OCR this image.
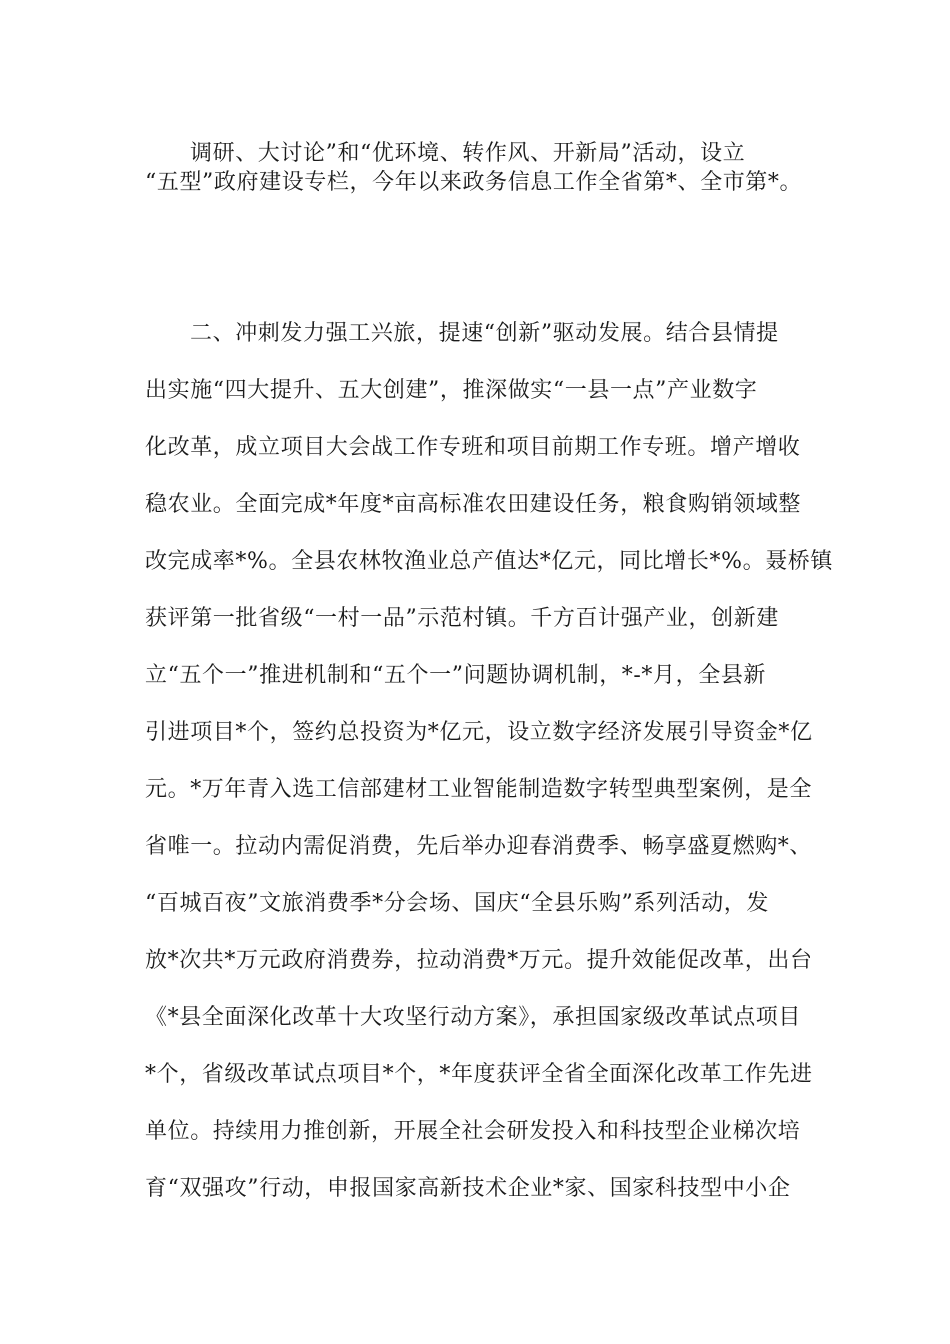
调研、大讨论”和“优环境、转作风、开新局”活动，设立
“五型”政府建设专栏，今年以来政务信息工作全省第*、全市第*。
二、冲刺发力强工兴旅，提速“创新”驱动发展。结合县情提
出实施“四大提升、五大创建”，推深做实“一县一点”产业数字
化改革，成立项目大会战工作专班和项目前期工作专班。增产增收
稳农业。全面完成*年度*亩高标准农田建设任务，粮食购销领域整
改完成率*%。全县农林牧渔业总产值达*亿元，同比增长*%。聂桥镇
获评第一批省级“一村一品”示范村镇。千方百计强产业，创新建
立“五个一”推进机制和“五个一”问题协调机制，*-*月，全县新
引进项目*个，签约总投资为*亿元，设立数字经济发展引导资金*亿
元。*万年青入选工信部建材工业智能制造数字转型典型案例，是全
省唯一。拉动内需促消费，先后举办迎春消费季、畅享盛夏燃购*、
“百城百夜”文旅消费季*分会场、国庆“全县乐购”系列活动，发
放*次共*万元政府消费券，拉动消费*万元。提升效能促改革，出台
《*县全面深化改革十大攻坚行动方案》，承担国家级改革试点项目
*个，省级改革试点项目*个，*年度获评全省全面深化改革工作先进
单位。持续用力推创新，开展全社会研发投入和科技型企业梯次培
育“双强攻”行动，申报国家高新技术企业*家、国家科技型中小企
